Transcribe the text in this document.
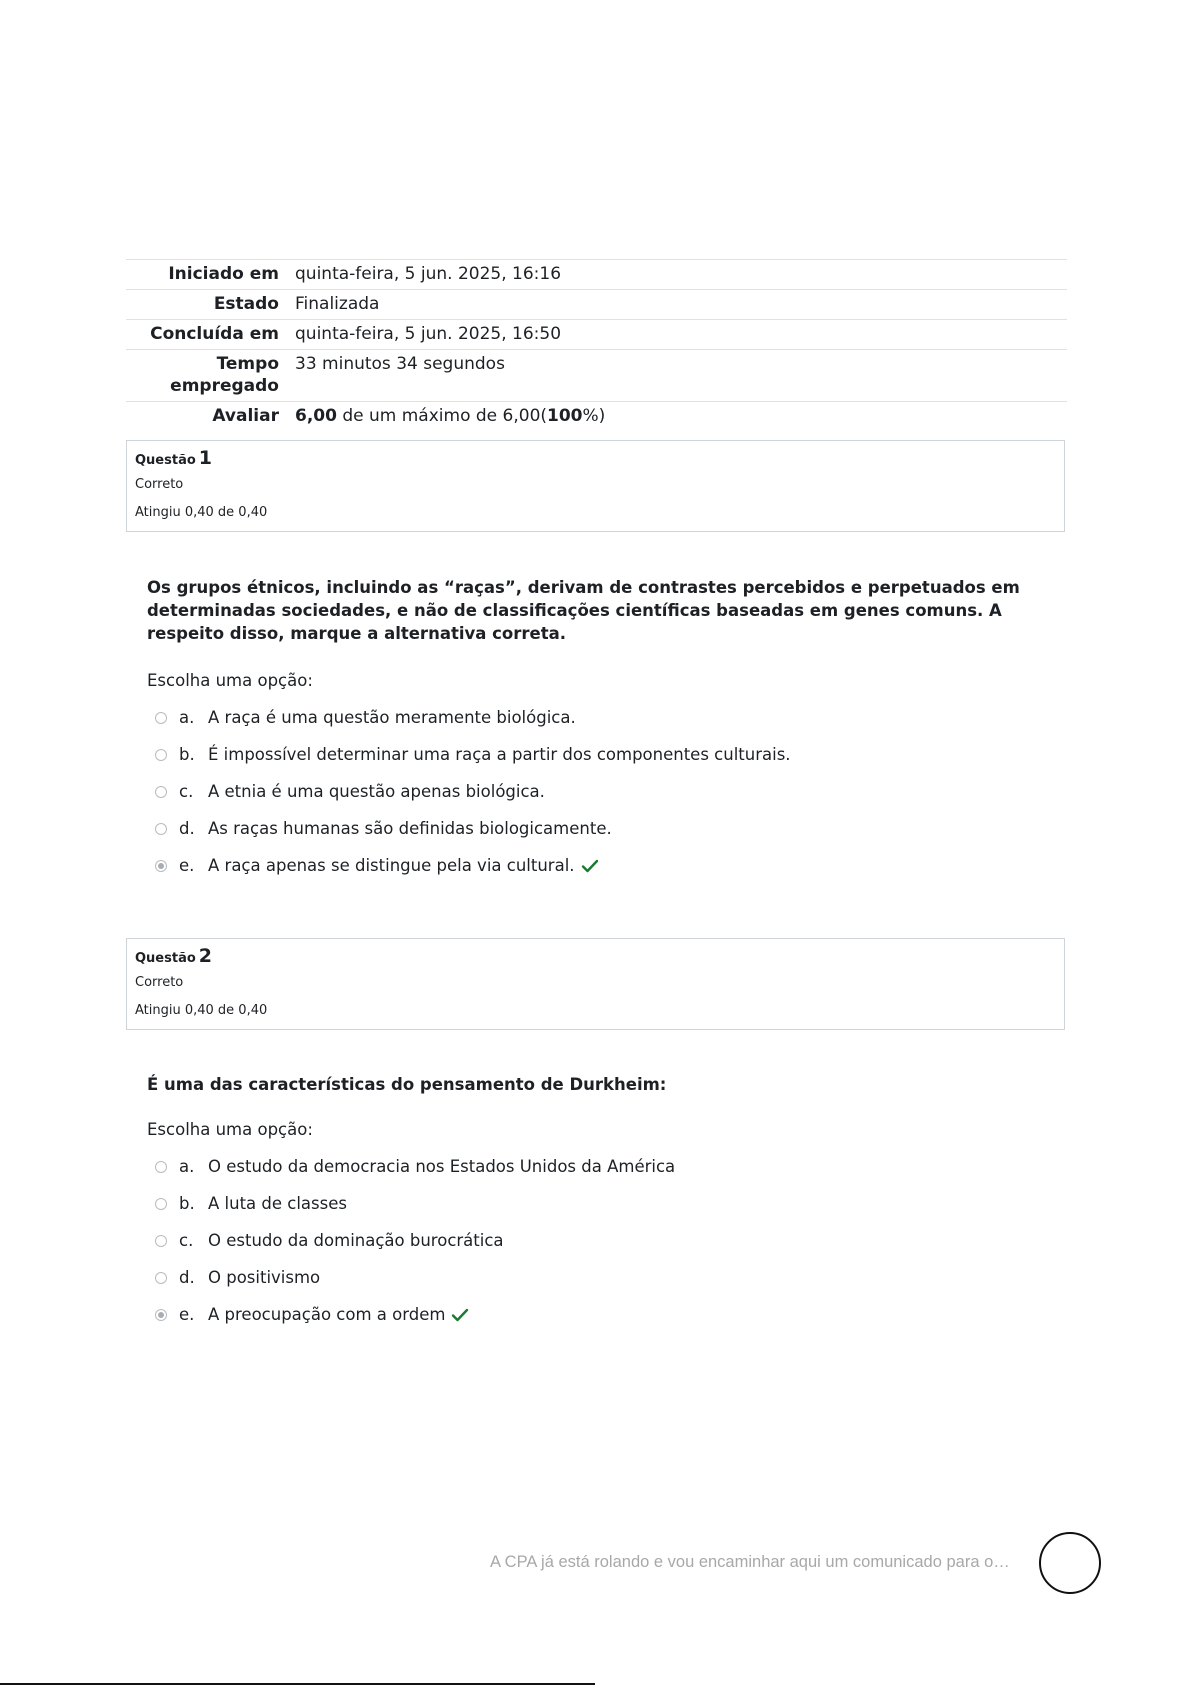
Iniciado em	quinta-feira, 5 jun. 2025, 16:16
Estado	Finalizada
Concluída em	quinta-feira, 5 jun. 2025, 16:50
Tempo empregado	33 minutos 34 segundos
Avaliar	6,00 de um máximo de 6,00(100%)
Questão 1
Correto
Atingiu 0,40 de 0,40
Os grupos étnicos, incluindo as “raças”, derivam de contrastes percebidos e perpetuados em determinadas sociedades, e não de classificações científicas baseadas em genes comuns. A respeito disso, marque a alternativa correta.
Escolha uma opção:
a. A raça é uma questão meramente biológica.
b. É impossível determinar uma raça a partir dos componentes culturais.
c. A etnia é uma questão apenas biológica.
d. As raças humanas são definidas biologicamente.
e. A raça apenas se distingue pela via cultural.
Questão 2
Correto
Atingiu 0,40 de 0,40
É uma das características do pensamento de Durkheim:
Escolha uma opção:
a. O estudo da democracia nos Estados Unidos da América
b. A luta de classes
c. O estudo da dominação burocrática
d. O positivismo
e. A preocupação com a ordem
A CPA já está rolando e vou encaminhar aqui um comunicado para o…
